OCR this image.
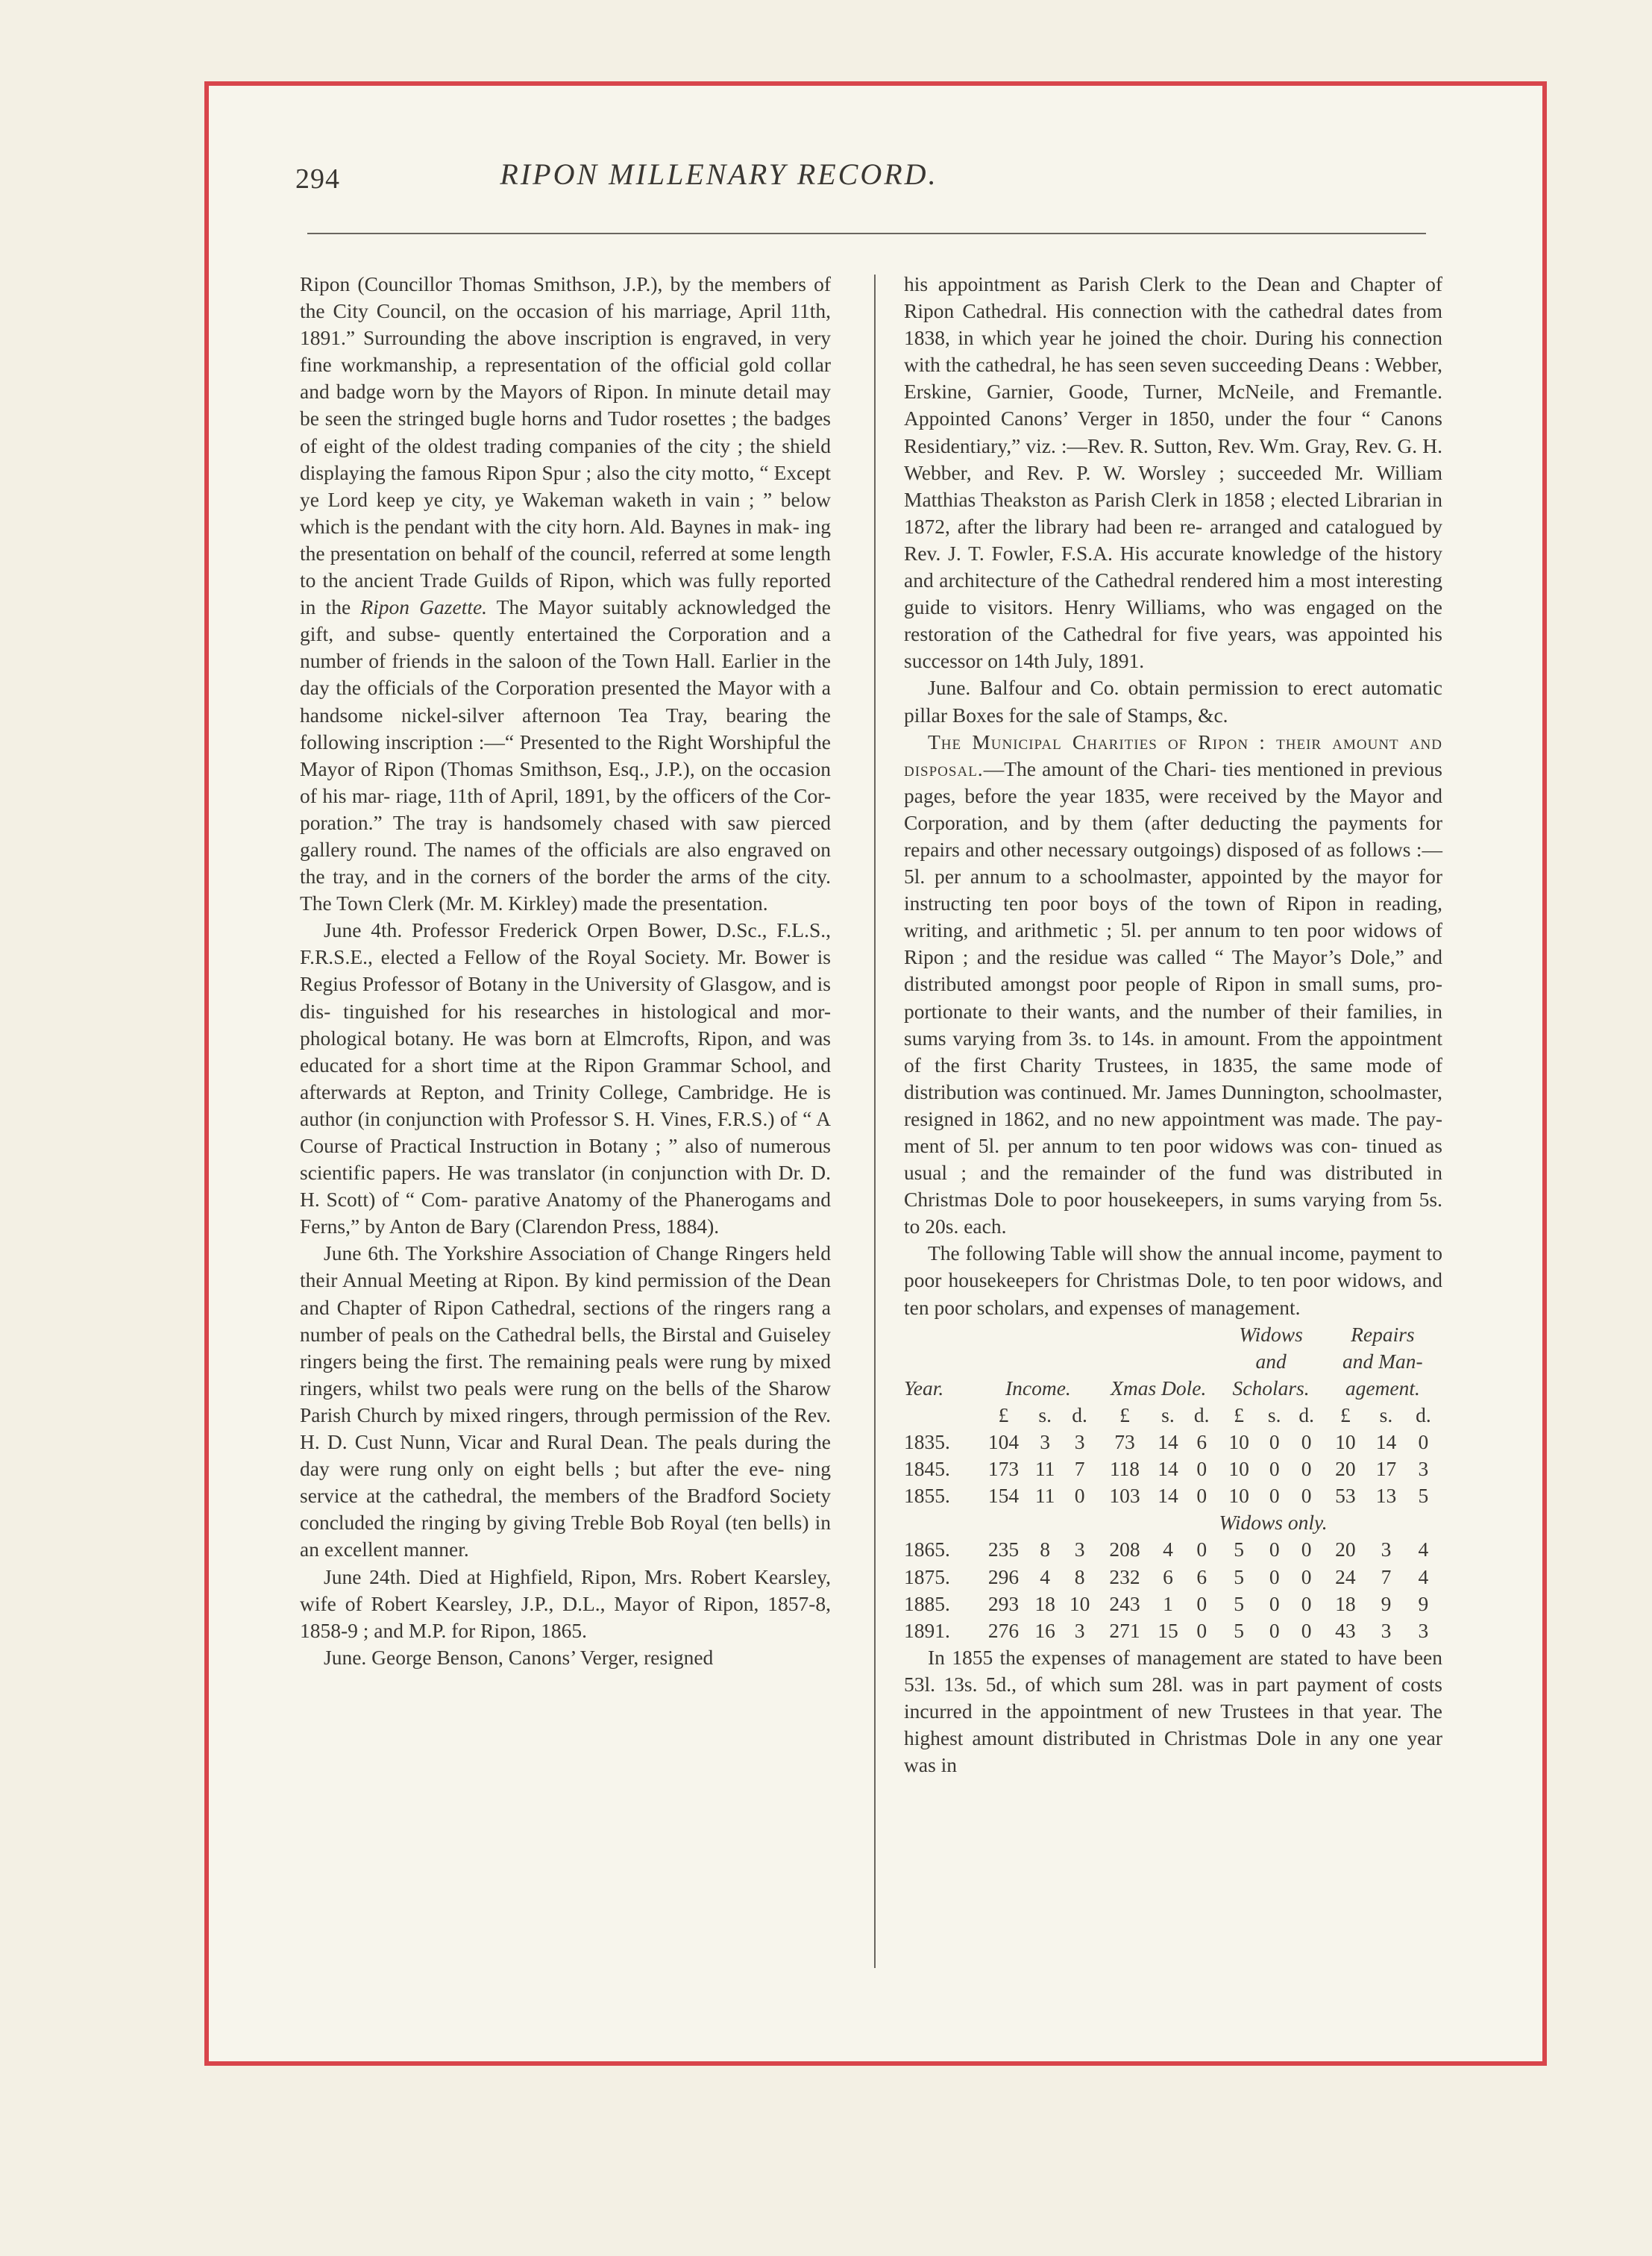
294	RIPON MILLENARY RECORD.

Ripon (Councillor Thomas Smithson, J.P.), by the members of the City Council, on the occasion of his marriage, April 11th, 1891.” Surrounding the above inscription is engraved, in very fine workmanship, a representation of the official gold collar and badge worn by the Mayors of Ripon. In minute detail may be seen the stringed bugle horns and Tudor rosettes ; the badges of eight of the oldest trading companies of the city ; the shield displaying the famous Ripon Spur ; also the city motto, “ Except ye Lord keep ye city, ye Wakeman waketh in vain ; ” below which is the pendant with the city horn. Ald. Baynes in mak- ing the presentation on behalf of the council, referred at some length to the ancient Trade Guilds of Ripon, which was fully reported in the Ripon Gazette. The Mayor suitably acknowledged the gift, and subse- quently entertained the Corporation and a number of friends in the saloon of the Town Hall. Earlier in the day the officials of the Corporation presented the Mayor with a handsome nickel-silver afternoon Tea Tray, bearing the following inscription :—“ Presented to the Right Worshipful the Mayor of Ripon (Thomas Smithson, Esq., J.P.), on the occasion of his mar- riage, 11th of April, 1891, by the officers of the Cor- poration.” The tray is handsomely chased with saw pierced gallery round. The names of the officials are also engraved on the tray, and in the corners of the border the arms of the city. The Town Clerk (Mr. M. Kirkley) made the presentation.

June 4th. Professor Frederick Orpen Bower, D.Sc., F.L.S., F.R.S.E., elected a Fellow of the Royal Society. Mr. Bower is Regius Professor of Botany in the University of Glasgow, and is dis- tinguished for his researches in histological and mor- phological botany. He was born at Elmcrofts, Ripon, and was educated for a short time at the Ripon Grammar School, and afterwards at Repton, and Trinity College, Cambridge. He is author (in conjunction with Professor S. H. Vines, F.R.S.) of “ A Course of Practical Instruction in Botany ; ” also of numerous scientific papers. He was translator (in conjunction with Dr. D. H. Scott) of “ Com- parative Anatomy of the Phanerogams and Ferns,” by Anton de Bary (Clarendon Press, 1884).

June 6th. The Yorkshire Association of Change Ringers held their Annual Meeting at Ripon. By kind permission of the Dean and Chapter of Ripon Cathedral, sections of the ringers rang a number of peals on the Cathedral bells, the Birstal and Guiseley ringers being the first. The remaining peals were rung by mixed ringers, whilst two peals were rung on the bells of the Sharow Parish Church by mixed ringers, through permission of the Rev. H. D. Cust Nunn, Vicar and Rural Dean. The peals during the day were rung only on eight bells ; but after the eve- ning service at the cathedral, the members of the Bradford Society concluded the ringing by giving Treble Bob Royal (ten bells) in an excellent manner.

June 24th. Died at Highfield, Ripon, Mrs. Robert Kearsley, wife of Robert Kearsley, J.P., D.L., Mayor of Ripon, 1857-8, 1858-9 ; and M.P. for Ripon, 1865.

June. George Benson, Canons’ Verger, resigned

his appointment as Parish Clerk to the Dean and Chapter of Ripon Cathedral. His connection with the cathedral dates from 1838, in which year he joined the choir. During his connection with the cathedral, he has seen seven succeeding Deans : Webber, Erskine, Garnier, Goode, Turner, McNeile, and Fremantle. Appointed Canons’ Verger in 1850, under the four “ Canons Residentiary,” viz. :—Rev. R. Sutton, Rev. Wm. Gray, Rev. G. H. Webber, and Rev. P. W. Worsley ; succeeded Mr. William Matthias Theakston as Parish Clerk in 1858 ; elected Librarian in 1872, after the library had been re- arranged and catalogued by Rev. J. T. Fowler, F.S.A. His accurate knowledge of the history and architecture of the Cathedral rendered him a most interesting guide to visitors. Henry Williams, who was engaged on the restoration of the Cathedral for five years, was appointed his successor on 14th July, 1891.

June. Balfour and Co. obtain permission to erect automatic pillar Boxes for the sale of Stamps, &c.

The Municipal Charities of Ripon : their amount and disposal.—The amount of the Chari- ties mentioned in previous pages, before the year 1835, were received by the Mayor and Corporation, and by them (after deducting the payments for repairs and other necessary outgoings) disposed of as follows :— 5l. per annum to a schoolmaster, appointed by the mayor for instructing ten poor boys of the town of Ripon in reading, writing, and arithmetic ; 5l. per annum to ten poor widows of Ripon ; and the residue was called “ The Mayor’s Dole,” and distributed amongst poor people of Ripon in small sums, pro- portionate to their wants, and the number of their families, in sums varying from 3s. to 14s. in amount. From the appointment of the first Charity Trustees, in 1835, the same mode of distribution was continued. Mr. James Dunnington, schoolmaster, resigned in 1862, and no new appointment was made. The pay- ment of 5l. per annum to ten poor widows was con- tinued as usual ; and the remainder of the fund was distributed in Christmas Dole to poor housekeepers, in sums varying from 5s. to 20s. each.

The following Table will show the annual income, payment to poor housekeepers for Christmas Dole, to ten poor widows, and ten poor scholars, and expenses of management.

							Widows			Repairs		
							and			and Man-		
Year.	Income.			Xmas Dole.			Scholars.			agement.		
	£	s.	d.	£	s.	d.	£	s.	d.	£	s.	d.
1835.	104	3	3	73	14	6	10	0	0	10	14	0
1845.	173	11	7	118	14	0	10	0	0	20	17	3
1855.	154	11	0	103	14	0	10	0	0	53	13	5
							Widows only.					
1865.	235	8	3	208	4	0	5	0	0	20	3	4
1875.	296	4	8	232	6	6	5	0	0	24	7	4
1885.	293	18	10	243	1	0	5	0	0	18	9	9
1891.	276	16	3	271	15	0	5	0	0	43	3	3

In 1855 the expenses of management are stated to have been 53l. 13s. 5d., of which sum 28l. was in part payment of costs incurred in the appointment of new Trustees in that year. The highest amount distributed in Christmas Dole in any one year was in
